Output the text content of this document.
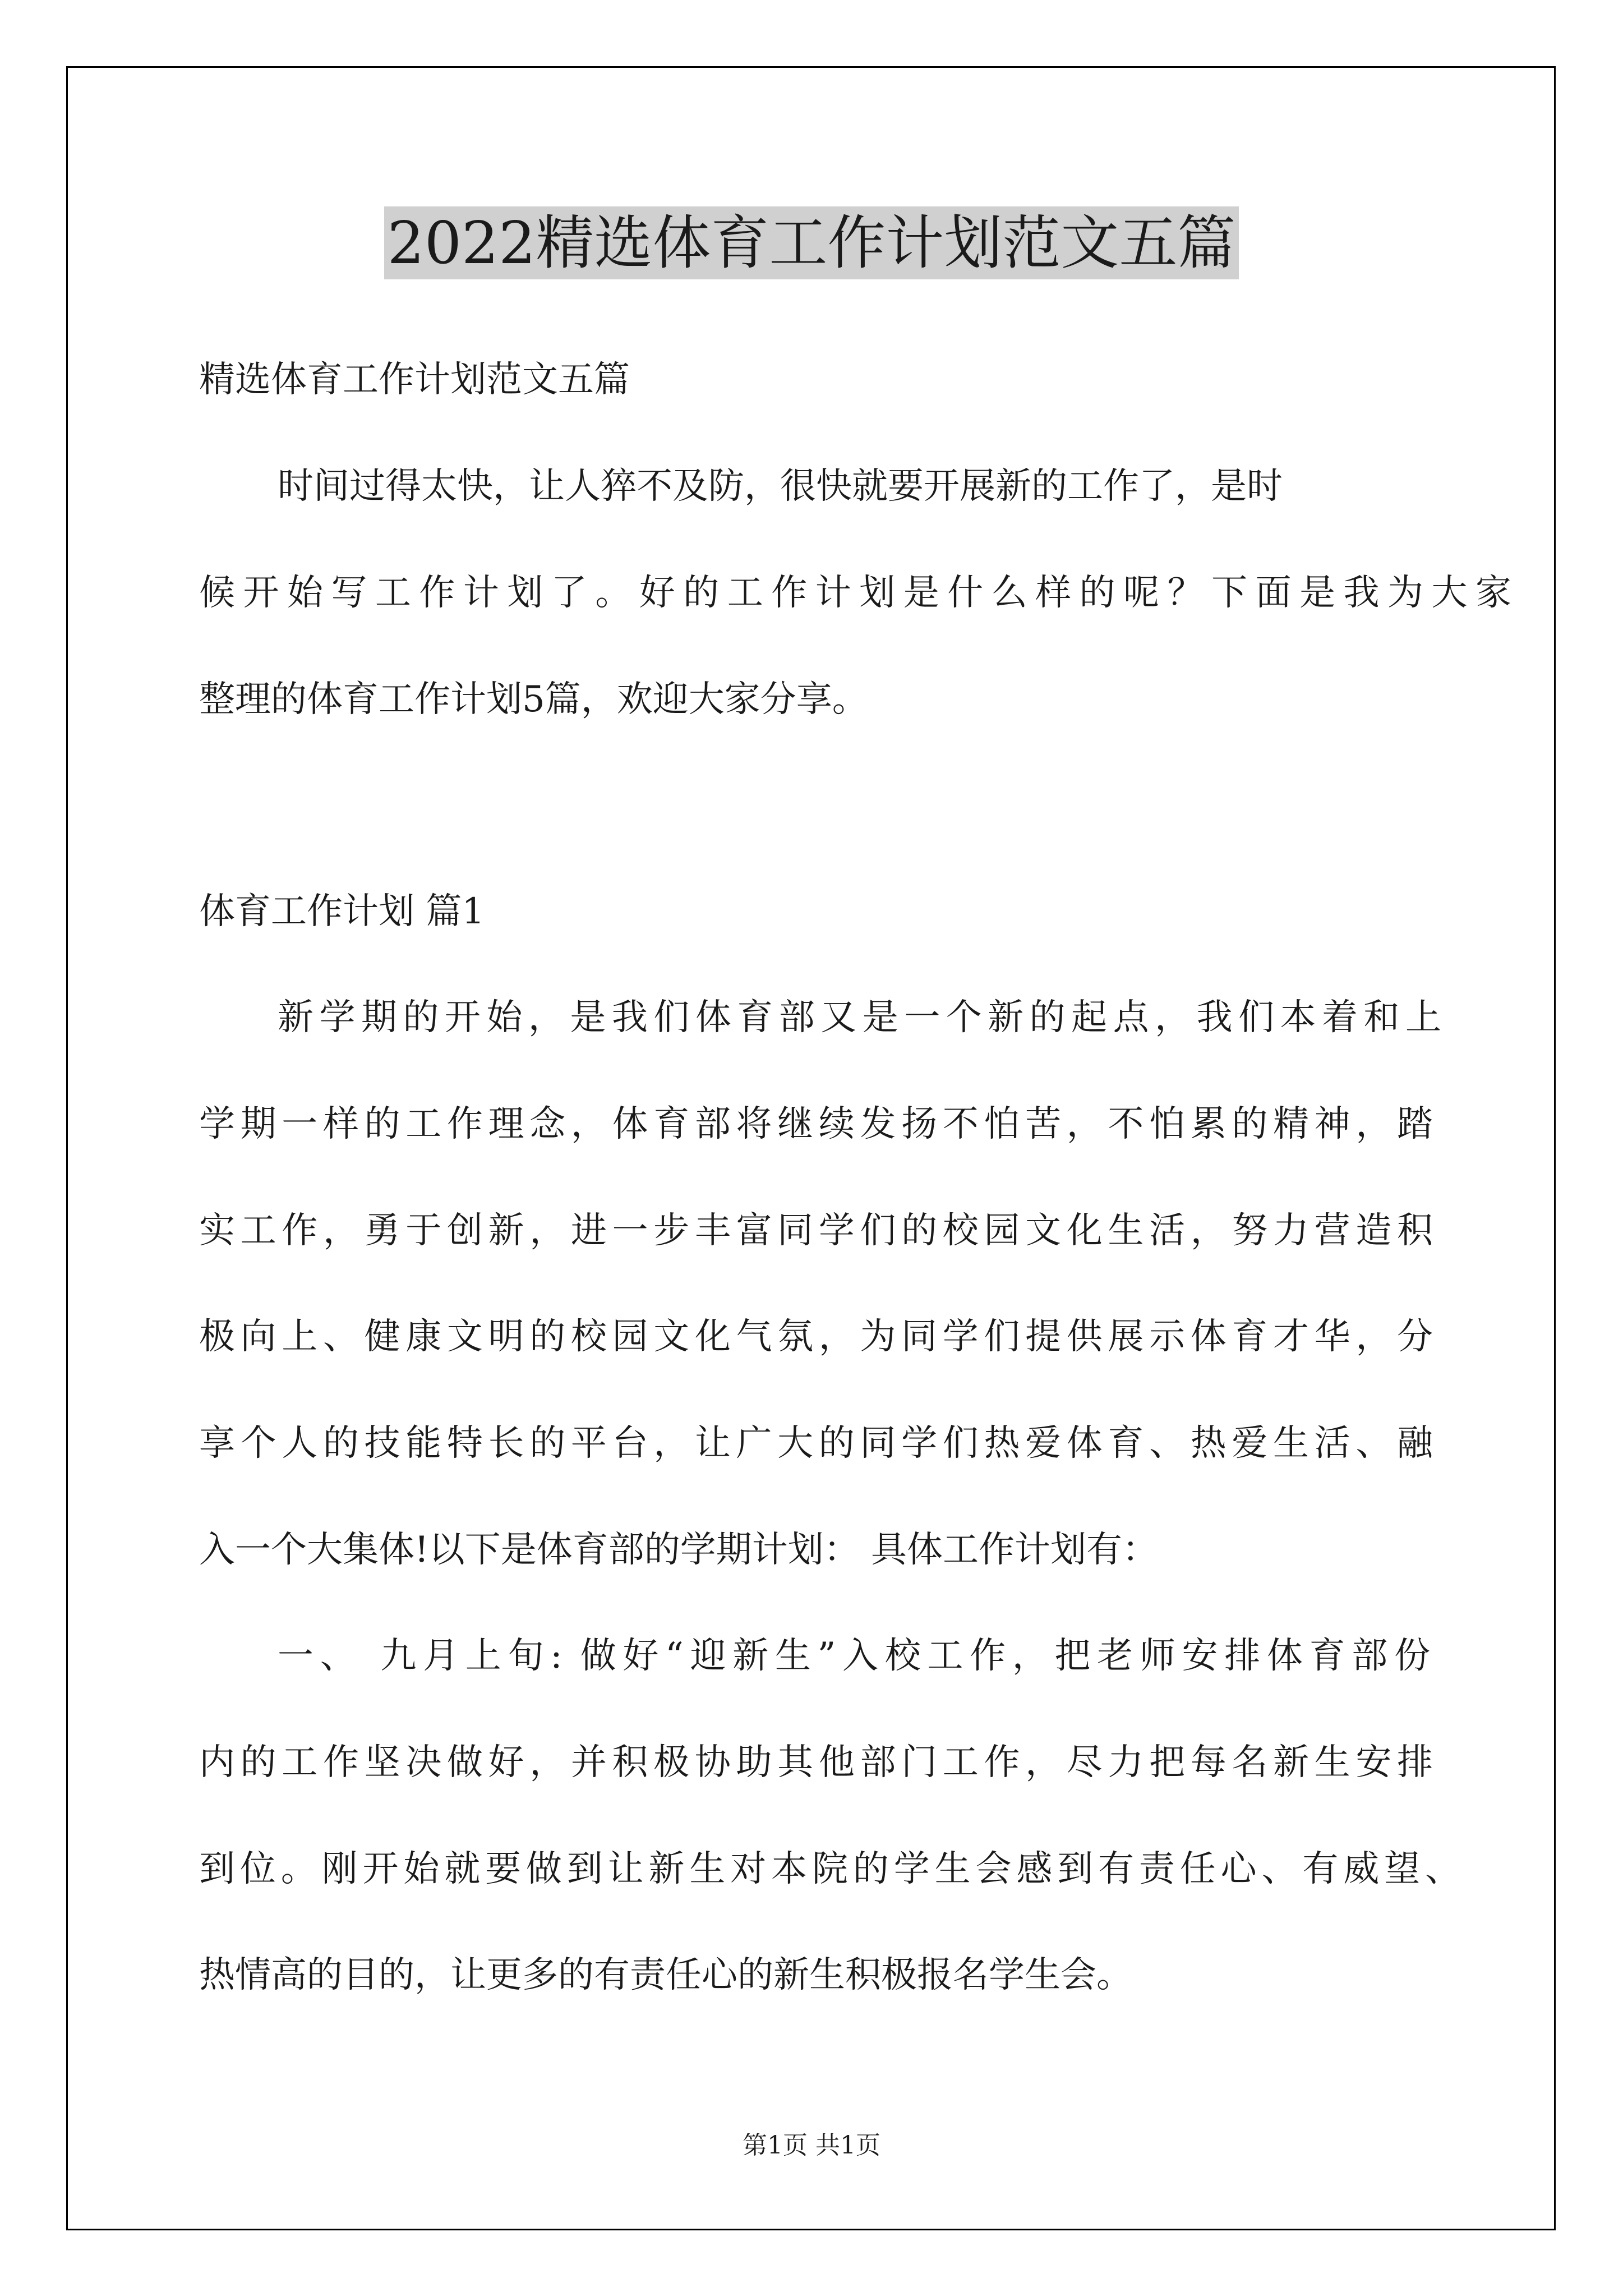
2022精选体育工作计划范文五篇

精选体育工作计划范文五篇

时间过得太快，让人猝不及防，很快就要开展新的工作了，是时

候开始写工作计划了。好的工作计划是什么样的呢？下面是我为大家

整理的体育工作计划5篇，欢迎大家分享。

体育工作计划 篇1

新学期的开始，是我们体育部又是一个新的起点，我们本着和上

学期一样的工作理念，体育部将继续发扬不怕苦，不怕累的精神，踏

实工作，勇于创新，进一步丰富同学们的校园文化生活，努力营造积

极向上、健康文明的校园文化气氛，为同学们提供展示体育才华，分

享个人的技能特长的平台，让广大的同学们热爱体育、热爱生活、融

入一个大集体!以下是体育部的学期计划： 具体工作计划有：

一、 九月上旬: 做好“迎新生”入校工作，把老师安排体育部份

内的工作坚决做好，并积极协助其他部门工作，尽力把每名新生安排

到位。刚开始就要做到让新生对本院的学生会感到有责任心、有威望、

热情高的目的，让更多的有责任心的新生积极报名学生会。

第1页 共1页
